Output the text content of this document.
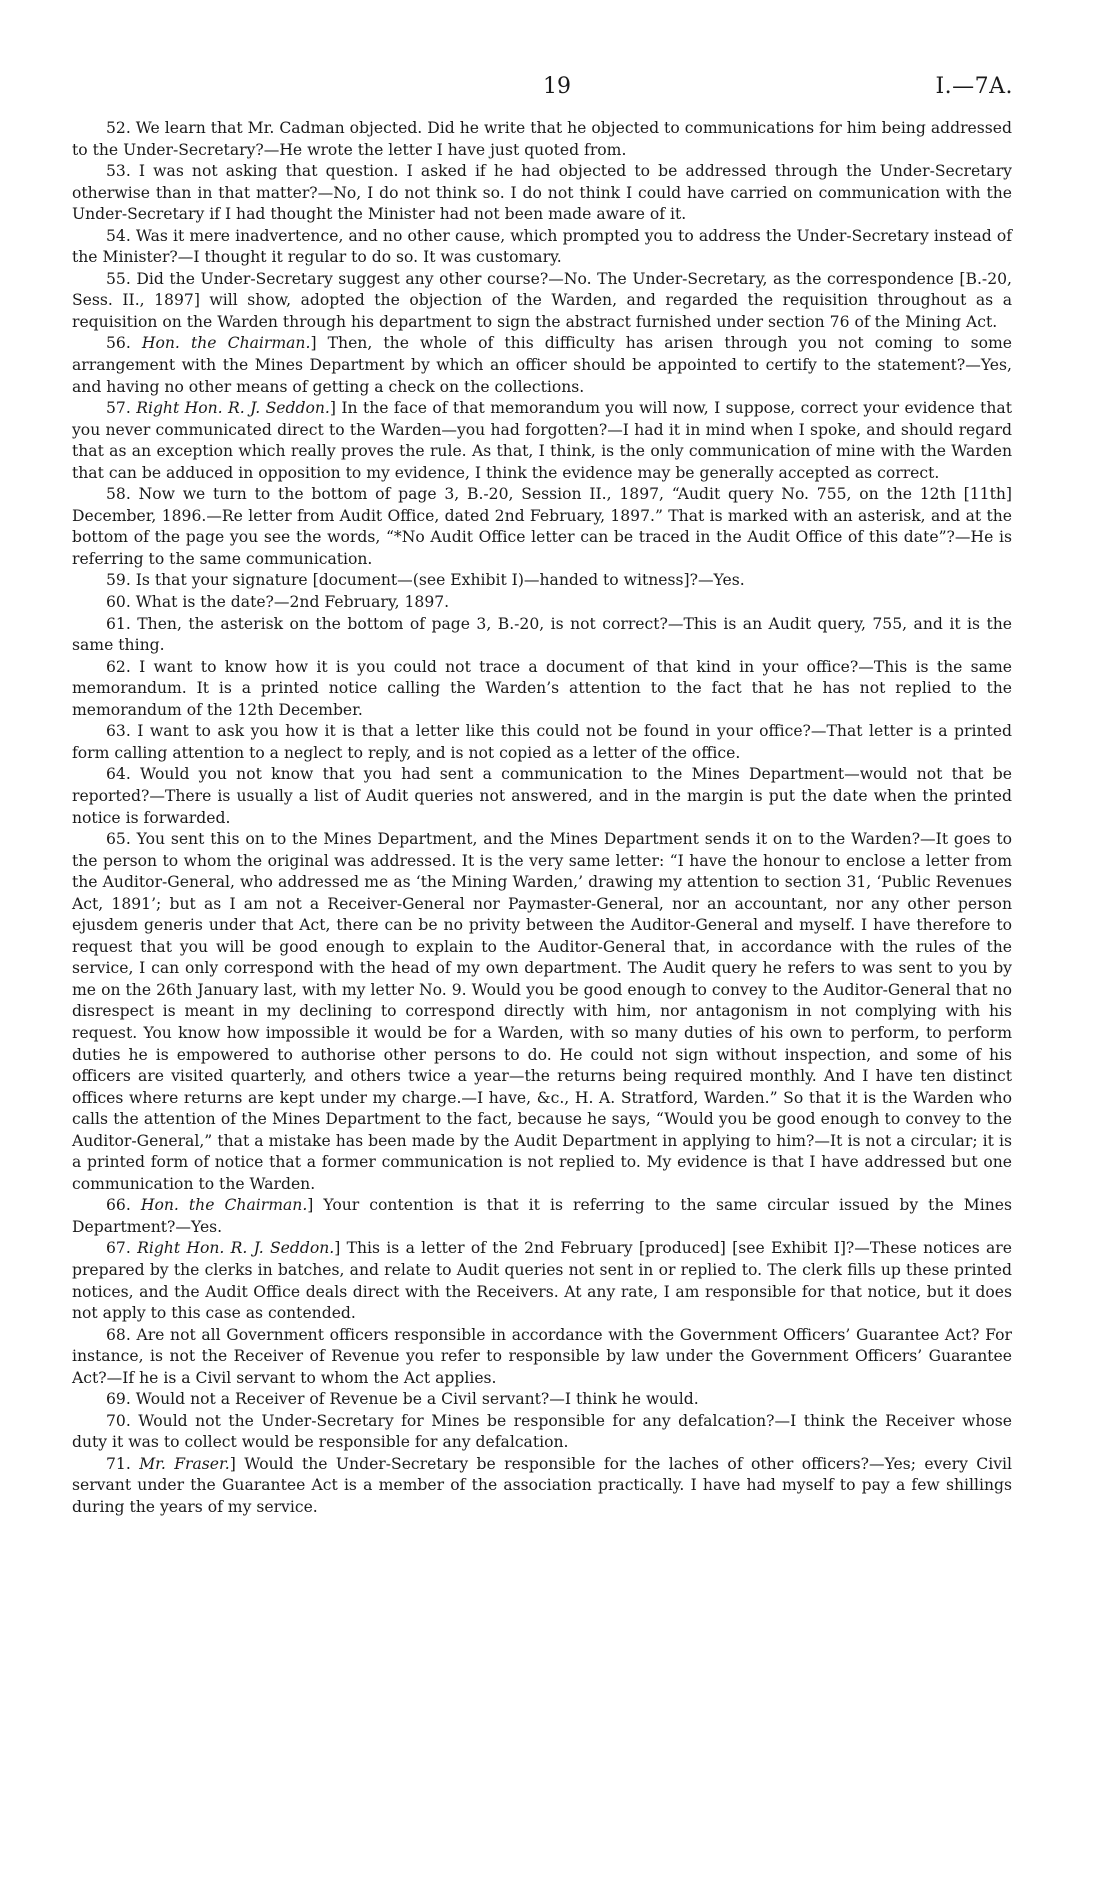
19	I.—7A.

52. We learn that Mr. Cadman objected. Did he write that he objected to communications for him being addressed to the Under-Secretary?—He wrote the letter I have just quoted from.

53. I was not asking that question. I asked if he had objected to be addressed through the Under-Secretary otherwise than in that matter?—No, I do not think so. I do not think I could have carried on communication with the Under-Secretary if I had thought the Minister had not been made aware of it.

54. Was it mere inadvertence, and no other cause, which prompted you to address the Under-Secretary instead of the Minister?—I thought it regular to do so. It was customary.

55. Did the Under-Secretary suggest any other course?—No. The Under-Secretary, as the correspondence [B.-20, Sess. II., 1897] will show, adopted the objection of the Warden, and regarded the requisition throughout as a requisition on the Warden through his department to sign the abstract furnished under section 76 of the Mining Act.

56. Hon. the Chairman.] Then, the whole of this difficulty has arisen through you not coming to some arrangement with the Mines Department by which an officer should be appointed to certify to the statement?—Yes, and having no other means of getting a check on the collections.

57. Right Hon. R. J. Seddon.] In the face of that memorandum you will now, I suppose, correct your evidence that you never communicated direct to the Warden—you had forgotten?—I had it in mind when I spoke, and should regard that as an exception which really proves the rule. As that, I think, is the only communication of mine with the Warden that can be adduced in opposition to my evidence, I think the evidence may be generally accepted as correct.

58. Now we turn to the bottom of page 3, B.-20, Session II., 1897, “Audit query No. 755, on the 12th [11th] December, 1896.—Re letter from Audit Office, dated 2nd February, 1897.” That is marked with an asterisk, and at the bottom of the page you see the words, “*No Audit Office letter can be traced in the Audit Office of this date”?—He is referring to the same communication.

59. Is that your signature [document—(see Exhibit I)—handed to witness]?—Yes.

60. What is the date?—2nd February, 1897.

61. Then, the asterisk on the bottom of page 3, B.-20, is not correct?—This is an Audit query, 755, and it is the same thing.

62. I want to know how it is you could not trace a document of that kind in your office?—This is the same memorandum. It is a printed notice calling the Warden’s attention to the fact that he has not replied to the memorandum of the 12th December.

63. I want to ask you how it is that a letter like this could not be found in your office?—That letter is a printed form calling attention to a neglect to reply, and is not copied as a letter of the office.

64. Would you not know that you had sent a communication to the Mines Department—would not that be reported?—There is usually a list of Audit queries not answered, and in the margin is put the date when the printed notice is forwarded.

65. You sent this on to the Mines Department, and the Mines Department sends it on to the Warden?—It goes to the person to whom the original was addressed. It is the very same letter: “I have the honour to enclose a letter from the Auditor-General, who addressed me as ‘the Mining Warden,’ drawing my attention to section 31, ‘Public Revenues Act, 1891’; but as I am not a Receiver-General nor Paymaster-General, nor an accountant, nor any other person ejusdem generis under that Act, there can be no privity between the Auditor-General and myself. I have therefore to request that you will be good enough to explain to the Auditor-General that, in accordance with the rules of the service, I can only correspond with the head of my own department. The Audit query he refers to was sent to you by me on the 26th January last, with my letter No. 9. Would you be good enough to convey to the Auditor-General that no disrespect is meant in my declining to correspond directly with him, nor antagonism in not complying with his request. You know how impossible it would be for a Warden, with so many duties of his own to perform, to perform duties he is empowered to authorise other persons to do. He could not sign without inspection, and some of his officers are visited quarterly, and others twice a year—the returns being required monthly. And I have ten distinct offices where returns are kept under my charge.—I have, &c., H. A. Stratford, Warden.” So that it is the Warden who calls the attention of the Mines Department to the fact, because he says, “Would you be good enough to convey to the Auditor-General,” that a mistake has been made by the Audit Department in applying to him?—It is not a circular; it is a printed form of notice that a former communication is not replied to. My evidence is that I have addressed but one communication to the Warden.

66. Hon. the Chairman.] Your contention is that it is referring to the same circular issued by the Mines Department?—Yes.

67. Right Hon. R. J. Seddon.] This is a letter of the 2nd February [produced] [see Exhibit I]?—These notices are prepared by the clerks in batches, and relate to Audit queries not sent in or replied to. The clerk fills up these printed notices, and the Audit Office deals direct with the Receivers. At any rate, I am responsible for that notice, but it does not apply to this case as contended.

68. Are not all Government officers responsible in accordance with the Government Officers’ Guarantee Act? For instance, is not the Receiver of Revenue you refer to responsible by law under the Government Officers’ Guarantee Act?—If he is a Civil servant to whom the Act applies.

69. Would not a Receiver of Revenue be a Civil servant?—I think he would.

70. Would not the Under-Secretary for Mines be responsible for any defalcation?—I think the Receiver whose duty it was to collect would be responsible for any defalcation.

71. Mr. Fraser.] Would the Under-Secretary be responsible for the laches of other officers?—Yes; every Civil servant under the Guarantee Act is a member of the association practically. I have had myself to pay a few shillings during the years of my service.
